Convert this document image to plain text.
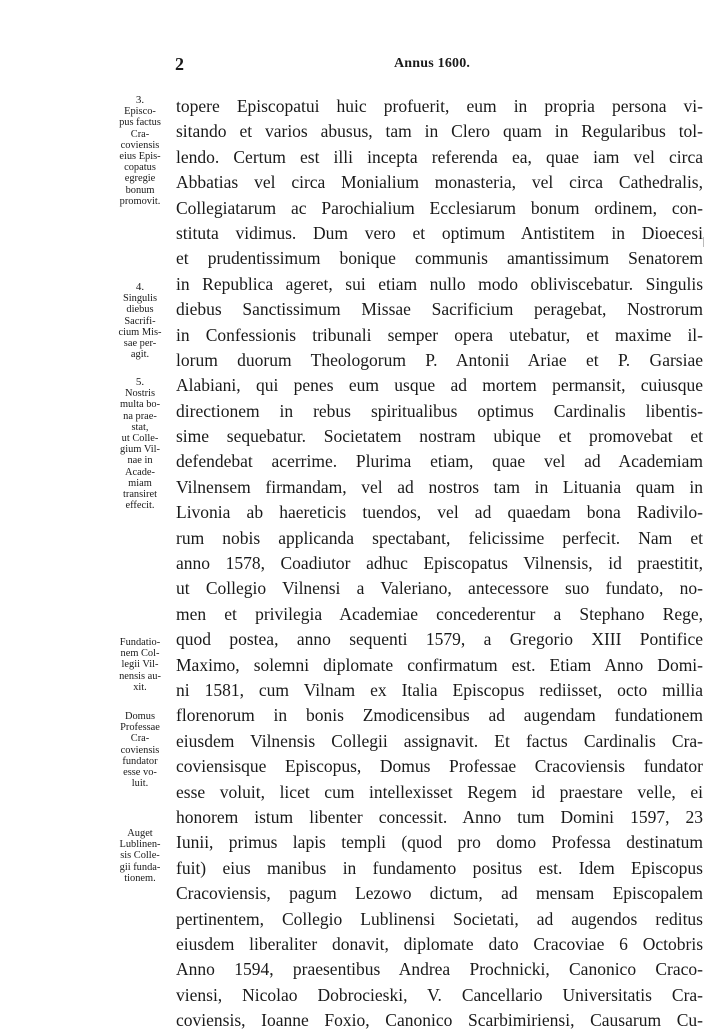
2	Annus 1600.
3.
Episco-
pus factus
Cra-
coviensis
eius Epis-
copatus
egregie
bonum
promovit.
4.
Singulis
diebus
Sacrifi-
cium Mis-
sae per-
agit.
5.
Nostris
multa bo-
na prae-
stat,
ut Colle-
gium Vil-
nae in
Acade-
miam
transiret
effecit.
Fundatio-
nem Col-
legii Vil-
nensis au-
xit.
Domus
Professae
Cra-
coviensis
fundator
esse vo-
luit.
Auget
Lublinen-
sis Colle-
gii funda-
tionem.
topere Episcopatui huic profuerit, eum in propria persona vi-
sitando et varios abusus, tam in Clero quam in Regularibus tol-
lendo. Certum est illi incepta referenda ea, quae iam vel circa
Abbatias vel circa Monialium monasteria, vel circa Cathedralis,
Collegiatarum ac Parochialium Ecclesiarum bonum ordinem, con-
stituta vidimus. Dum vero et optimum Antistitem in Dioecesi
et prudentissimum bonique communis amantissimum Senatorem
in Republica ageret, sui etiam nullo modo obliviscebatur. Singulis
diebus Sanctissimum Missae Sacrificium peragebat, Nostrorum
in Confessionis tribunali semper opera utebatur, et maxime il-
lorum duorum Theologorum P. Antonii Ariae et P. Garsiae
Alabiani, qui penes eum usque ad mortem permansit, cuiusque
directionem in rebus spiritualibus optimus Cardinalis libentis-
sime sequebatur. Societatem nostram ubique et promovebat et
defendebat acerrime. Plurima etiam, quae vel ad Academiam
Vilnensem firmandam, vel ad nostros tam in Lituania quam in
Livonia ab haereticis tuendos, vel ad quaedam bona Radivilo-
rum nobis applicanda spectabant, felicissime perfecit. Nam et
anno 1578, Coadiutor adhuc Episcopatus Vilnensis, id praestitit,
ut Collegio Vilnensi a Valeriano, antecessore suo fundato, no-
men et privilegia Academiae concederentur a Stephano Rege,
quod postea, anno sequenti 1579, a Gregorio XIII Pontifice
Maximo, solemni diplomate confirmatum est. Etiam Anno Domi-
ni 1581, cum Vilnam ex Italia Episcopus rediisset, octo millia
florenorum in bonis Zmodicensibus ad augendam fundationem
eiusdem Vilnensis Collegii assignavit. Et factus Cardinalis Cra-
coviensisque Episcopus, Domus Professae Cracoviensis fundator
esse voluit, licet cum intellexisset Regem id praestare velle, ei
honorem istum libenter concessit. Anno tum Domini 1597, 23
Iunii, primus lapis templi (quod pro domo Professa destinatum
fuit) eius manibus in fundamento positus est. Idem Episcopus
Cracoviensis, pagum Lezowo dictum, ad mensam Episcopalem
pertinentem, Collegio Lublinensi Societati, ad augendos reditus
eiusdem liberaliter donavit, diplomate dato Cracoviae 6 Octobris
Anno 1594, praesentibus Andrea Prochnicki, Canonico Craco-
viensi, Nicolao Dobrocieski, V. Cancellario Universitatis Cra-
coviensis, Ioanne Foxio, Canonico Scarbimiriensi, Causarum Cu-
